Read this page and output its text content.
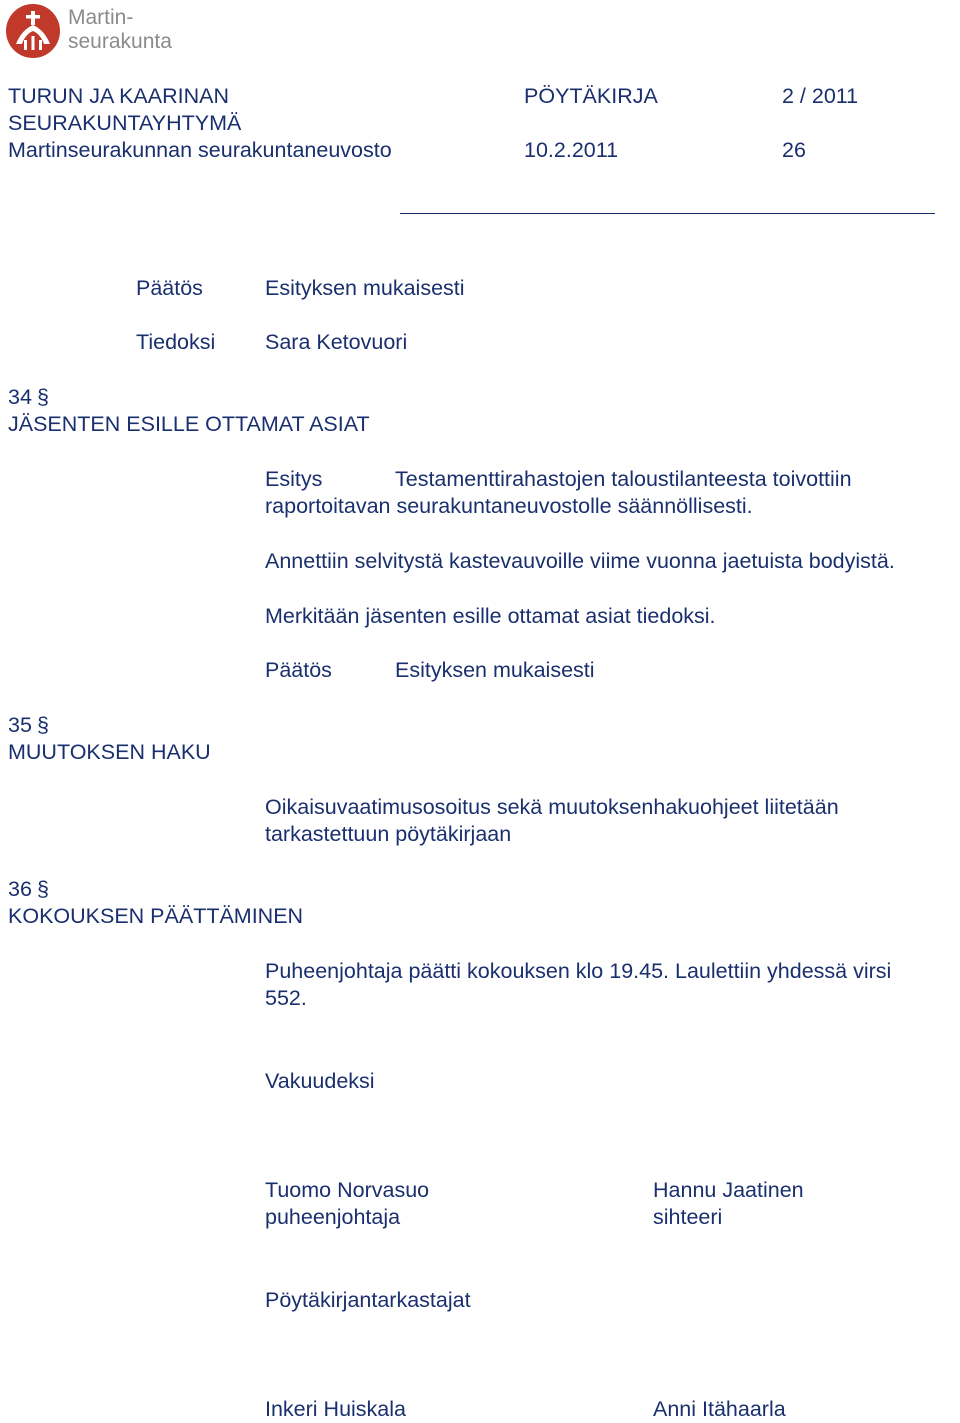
Martin-
seurakunta
TURUN JA KAARINAN	PÖYTÄKIRJA	2 / 2011
SEURAKUNTAYHTYMÄ
Martinseurakunnan seurakuntaneuvosto	10.2.2011	26
Päätös	Esityksen mukaisesti
Tiedoksi Sara Ketovuori
34 §
JÄSENTEN ESILLE OTTAMAT ASIAT
Esitys	Testamenttirahastojen taloustilanteesta toivottiin
raportoitavan seurakuntaneuvostolle säännöllisesti.
Annettiin selvitystä kastevauvoille viime vuonna jaetuista bodyistä.
Merkitään jäsenten esille ottamat asiat tiedoksi.
Päätös	Esityksen mukaisesti
35 §
MUUTOKSEN HAKU
Oikaisuvaatimusosoitus sekä muutoksenhakuohjeet liitetään
tarkastettuun pöytäkirjaan
36 §
KOKOUKSEN PÄÄTTÄMINEN
Puheenjohtaja päätti kokouksen klo 19.45. Laulettiin yhdessä virsi
552.
Vakuudeksi
Tuomo Norvasuo	Hannu Jaatinen
puheenjohtaja	sihteeri
Pöytäkirjantarkastajat
Inkeri Huiskala	Anni Itähaarla
